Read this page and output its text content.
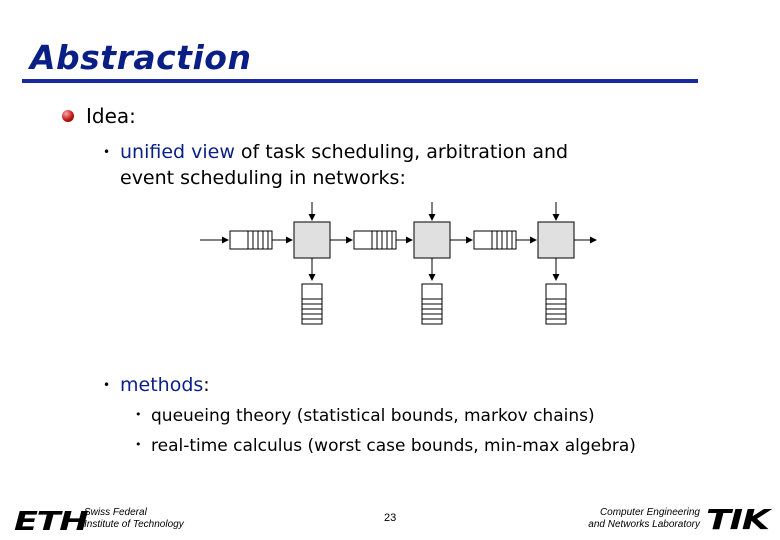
Abstraction
Idea:
• unified view of task scheduling, arbitration and
event scheduling in networks:
• methods:
• queueing theory (statistical bounds, markov chains)
• real-time calculus (worst case bounds, min-max algebra)
ETH
Swiss Federal
Institute of Technology
23	Computer Engineering
and Networks Laboratory TIK
